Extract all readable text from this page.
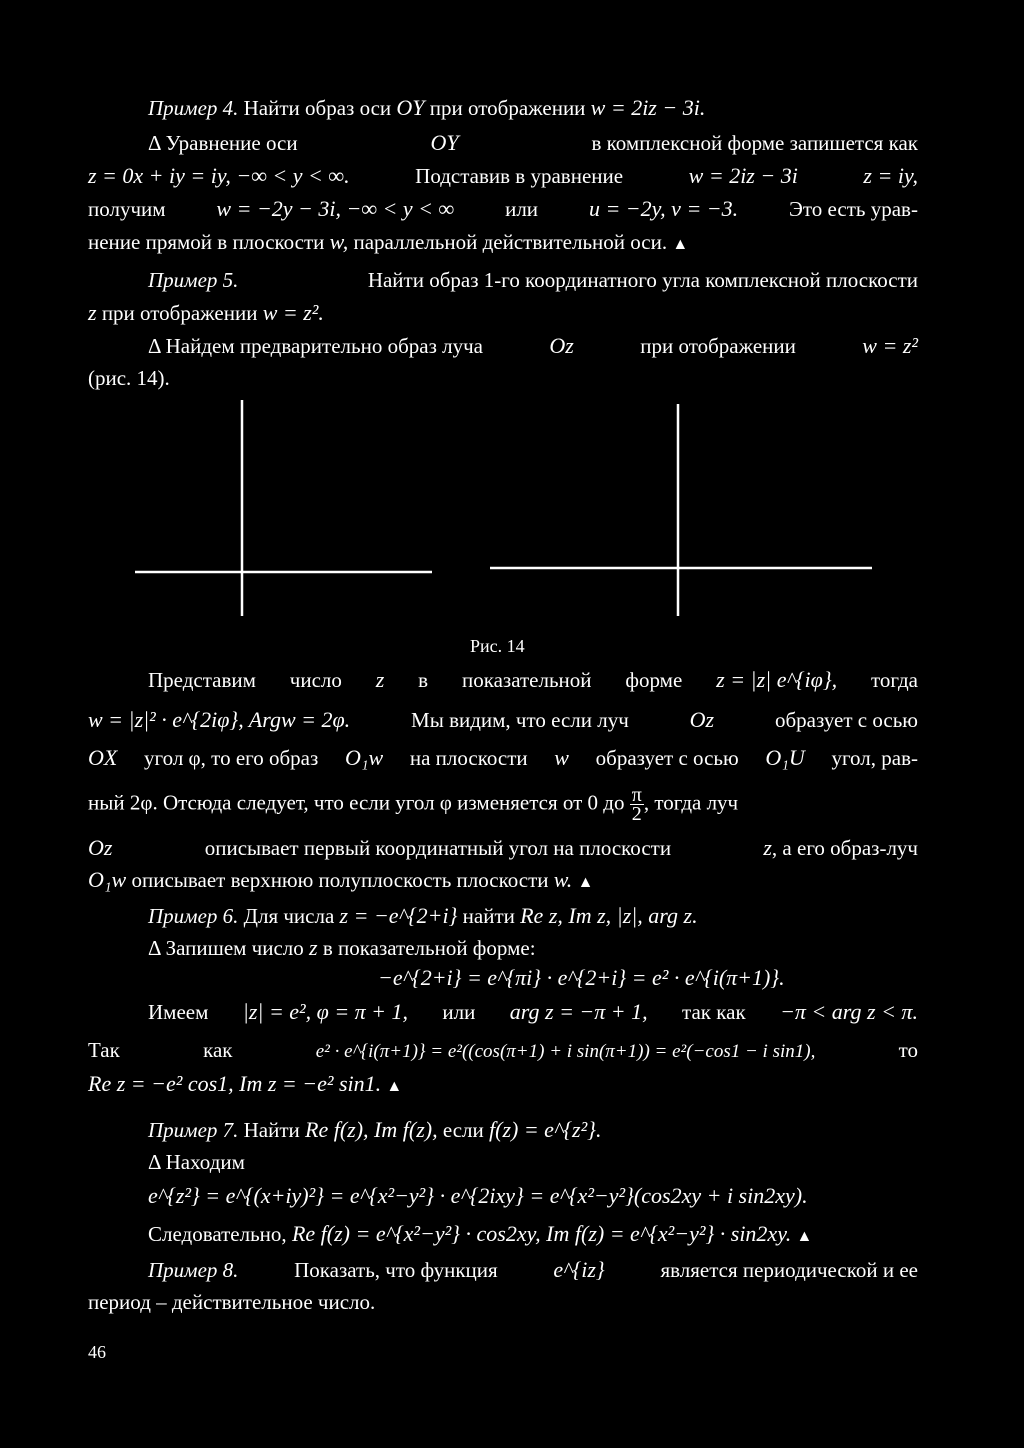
Пример 4. Найти образ оси OY при отображении w = 2iz − 3i.
Δ Уравнение оси	OY	в комплексной форме запишется как
z = 0x + iy = iy, −∞ < y < ∞.	Подставив в уравнение	w = 2iz − 3i	z = iy,
получим w = −2y − 3i, −∞ < y < ∞ или u = −2y, v = −3. Это есть урав-
нение прямой в плоскости w, параллельной действительной оси. ▲
Пример 5.	Найти образ 1-го координатного угла комплексной плоскости
z при отображении w = z².
Δ Найдем предварительно образ луча	Oz	при отображении	w = z²
(рис. 14).
Рис. 14
Представим число z в показательной форме z = |z| e^{iφ}, тогда
w = |z|² · e^{2iφ}, Argw = 2φ.	Мы видим, что если луч	Oz	образует с осью
OX угол φ, то его образ O₁w на плоскости w образует с осью O₁U угол, рав-
ный 2φ. Отсюда следует, что если угол φ изменяется от 0 до $\frac{\pi}{2}$ , тогда луч
Oz	описывает первый координатный угол на плоскости	z, а его образ-луч
O₁w описывает верхнюю полуплоскость плоскости w. ▲
Пример 6. Для числа z = −e^{2+i} найти Re z, Im z, |z|, arg z.
Δ Запишем число z в показательной форме:
−e^{2+i} = e^{πi} · e^{2+i} = e² · e^{i(π+1)}.
Имеем |z| = e², φ = π + 1, или arg z = −π + 1, так как −π < arg z < π.
Так	как	e² · e^{i(π+1)} = e²((cos(π+1) + i sin(π+1)) = e²(−cos1 − i sin1),	то
Re z = −e² cos1, Im z = −e² sin1. ▲
Пример 7. Найти Re f(z), Im f(z), если f(z) = e^{z²}.
Δ Находим
e^{z²} = e^{(x+iy)²} = e^{x²−y²} · e^{2ixy} = e^{x²−y²}(cos2xy + i sin2xy).
Следовательно, Re f(z) = e^{x²−y²} · cos2xy, Im f(z) = e^{x²−y²} · sin2xy. ▲
Пример 8.	Показать, что функция	e^{iz}	является периодической и ее
период – действительное число.
46
